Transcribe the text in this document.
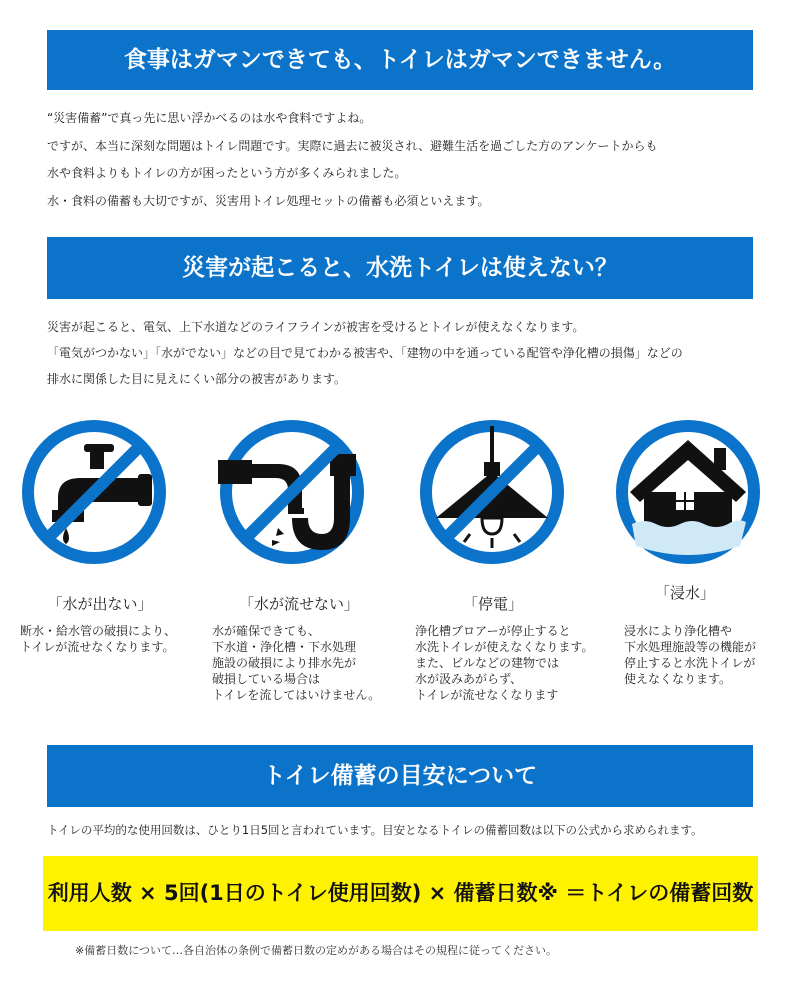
食事はガマンできても、トイレはガマンできません。

“災害備蓄”で真っ先に思い浮かべるのは水や食料ですよね。

ですが、本当に深刻な問題はトイレ問題です。実際に過去に被災され、避難生活を過ごした方のアンケートからも

水や食料よりもトイレの方が困ったという方が多くみられました。

水・食料の備蓄も大切ですが、災害用トイレ処理セットの備蓄も必須といえます。

災害が起こると、水洗トイレは使えない？

災害が起こると、電気、上下水道などのライフラインが被害を受けるとトイレが使えなくなります。

「電気がつかない」「水がでない」などの目で見てわかる被害や、「建物の中を通っている配管や浄化槽の損傷」などの

排水に関係した目に見えにくい部分の被害があります。

「水が出ない」	「水が流せない」	「停電」
「浸水」

断水・給水管の破損により、

トイレが流せなくなります。

水が確保できても、

下水道・浄化槽・下水処理

施設の破損により排水先が

破損している場合は

トイレを流してはいけません。

浄化槽ブロアーが停止すると

水洗トイレが使えなくなります。

また、ビルなどの建物では

水が汲みあがらず、

トイレが流せなくなります

浸水により浄化槽や

下水処理施設等の機能が

停止すると水洗トイレが

使えなくなります。

トイレ備蓄の目安について
トイレの平均的な使用回数は、ひとり1日5回と言われています。目安となるトイレの備蓄回数は以下の公式から求められます。
利用人数 × 5回(1日のトイレ使用回数) × 備蓄日数※ ＝トイレの備蓄回数
※備蓄日数について…各自治体の条例で備蓄日数の定めがある場合はその規程に従ってください。
